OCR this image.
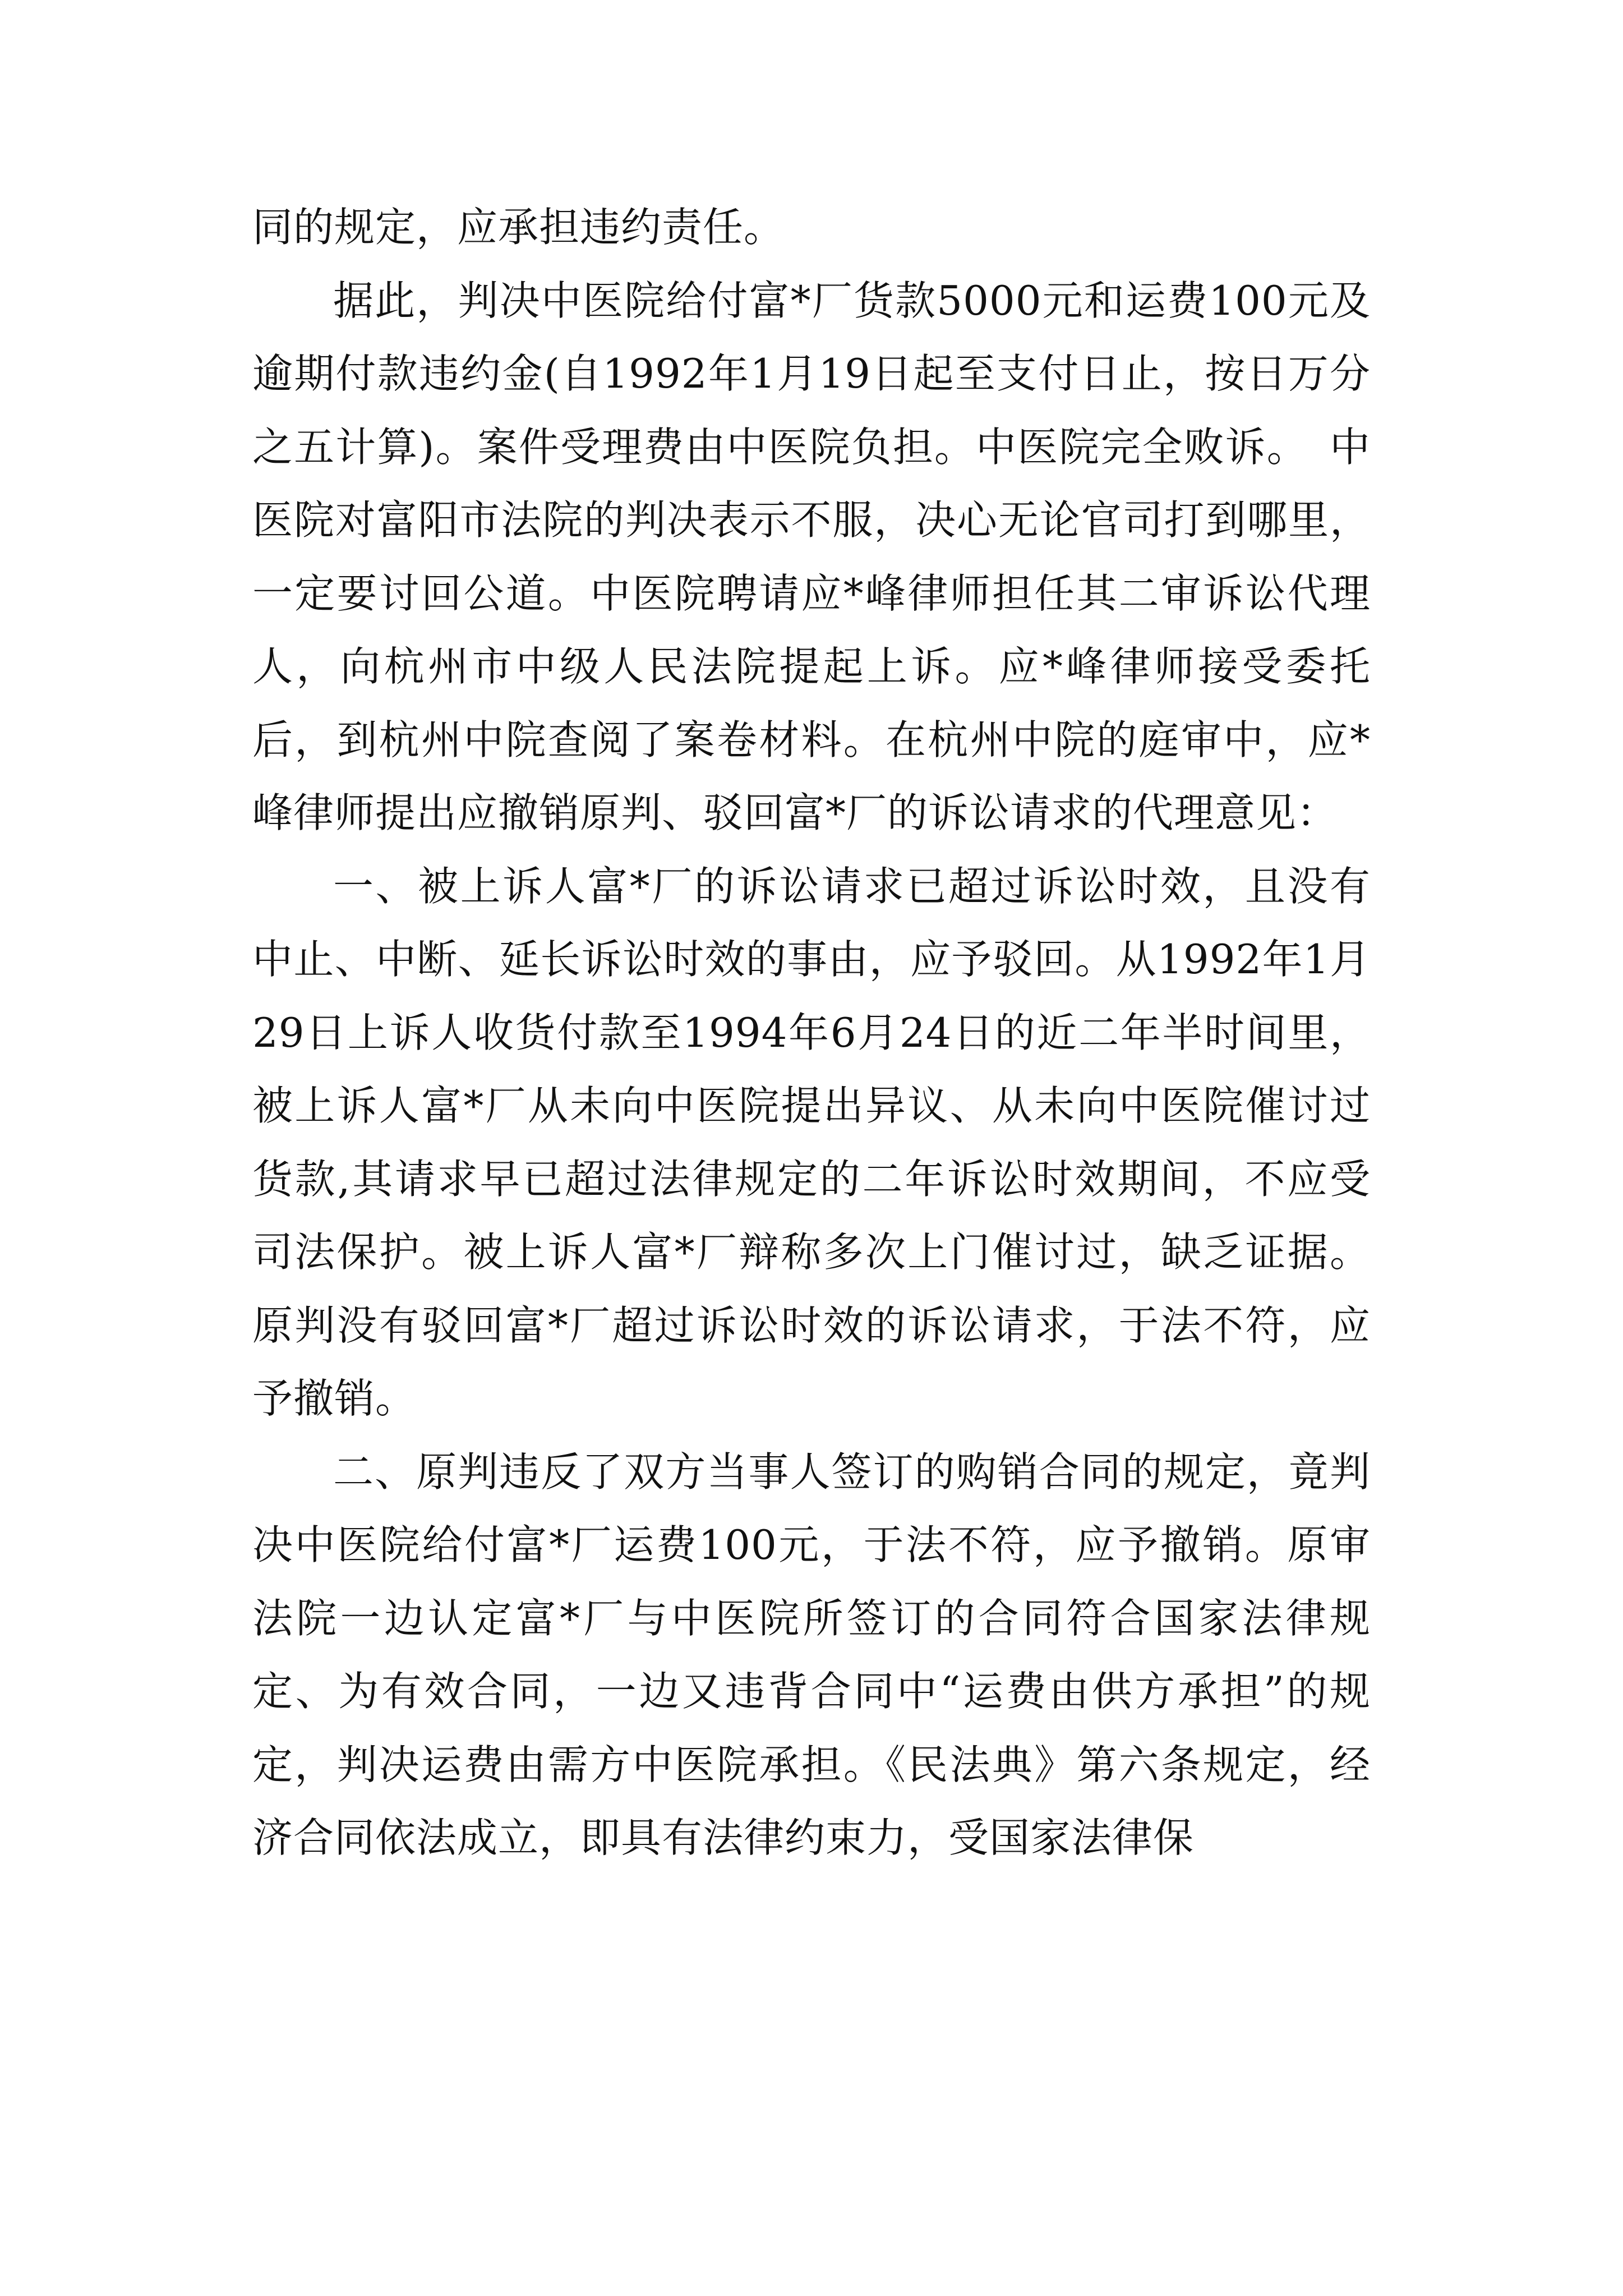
同的规定，应承担违约责任。

据此，判决中医院给付富*厂货款5000元和运费100元及逾期付款违约金(自1992年1月19日起至支付日止，按日万分之五计算)。案件受理费由中医院负担。中医院完全败诉。　中医院对富阳市法院的判决表示不服，决心无论官司打到哪里，一定要讨回公道。中医院聘请应*峰律师担任其二审诉讼代理人，向杭州市中级人民法院提起上诉。应*峰律师接受委托后，到杭州中院查阅了案卷材料。在杭州中院的庭审中，应*峰律师提出应撤销原判、驳回富*厂的诉讼请求的代理意见：

一、被上诉人富*厂的诉讼请求已超过诉讼时效，且没有中止、中断、延长诉讼时效的事由，应予驳回。从1992年1月29日上诉人收货付款至1994年6月24日的近二年半时间里，被上诉人富*厂从未向中医院提出异议、从未向中医院催讨过货款,其请求早已超过法律规定的二年诉讼时效期间，不应受司法保护。被上诉人富*厂辩称多次上门催讨过，缺乏证据。原判没有驳回富*厂超过诉讼时效的诉讼请求，于法不符，应予撤销。

二、原判违反了双方当事人签订的购销合同的规定，竟判决中医院给付富*厂运费100元，于法不符，应予撤销。原审法院一边认定富*厂与中医院所签订的合同符合国家法律规定、为有效合同，一边又违背合同中“运费由供方承担”的规定，判决运费由需方中医院承担。《民法典》第六条规定，经济合同依法成立，即具有法律约束力，受国家法律保
